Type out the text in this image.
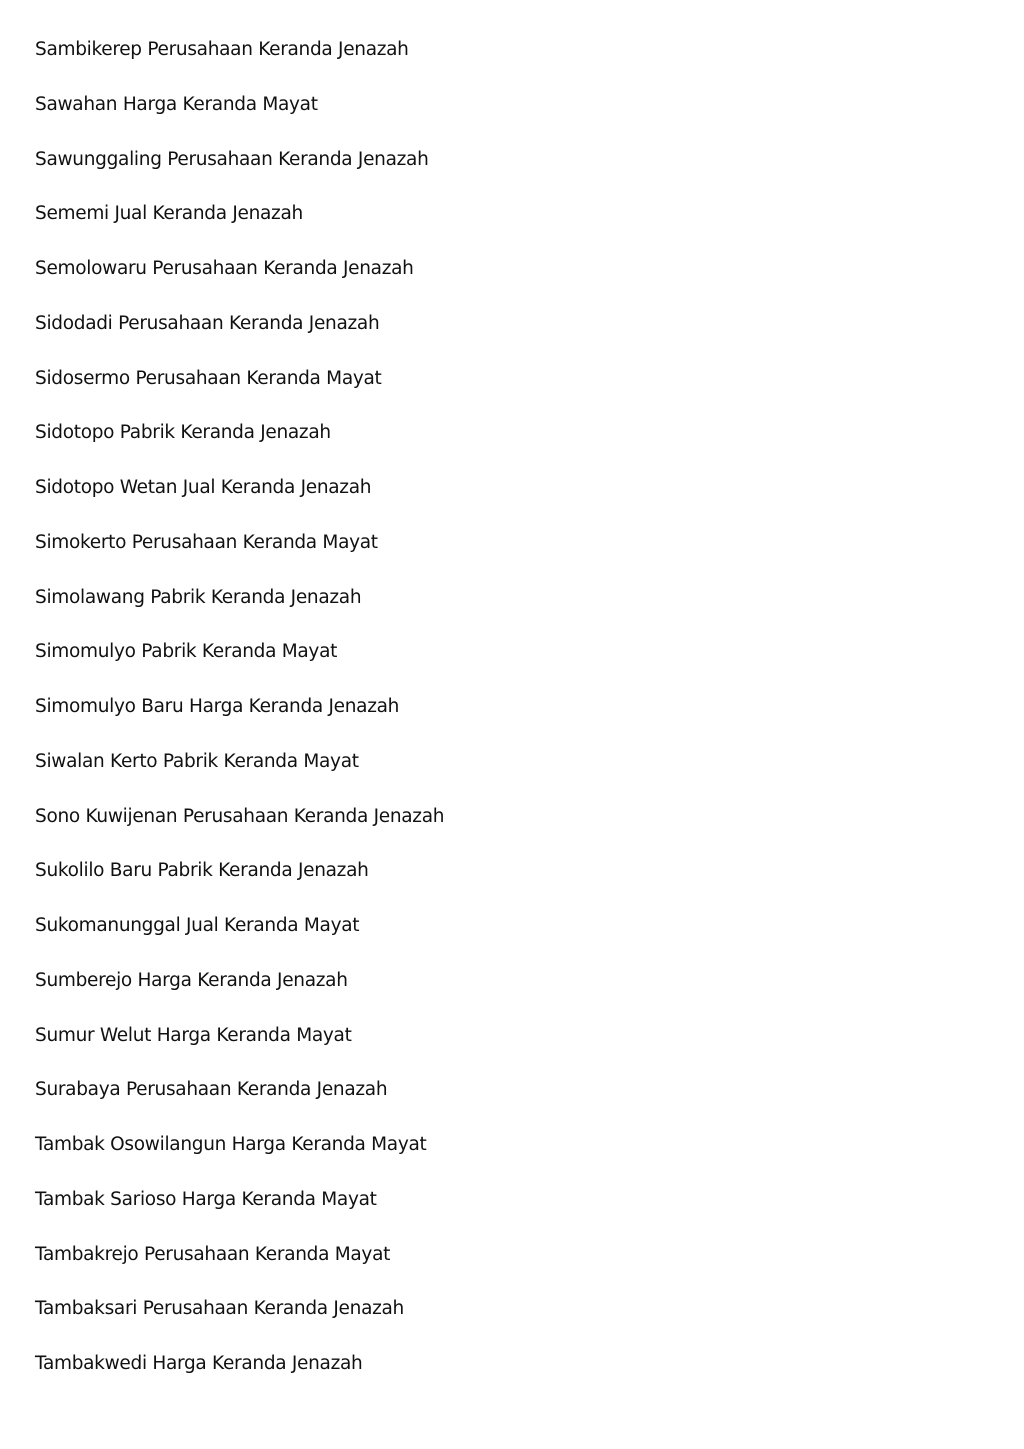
Sambikerep Perusahaan Keranda Jenazah
Sawahan Harga Keranda Mayat
Sawunggaling Perusahaan Keranda Jenazah
Sememi Jual Keranda Jenazah
Semolowaru Perusahaan Keranda Jenazah
Sidodadi Perusahaan Keranda Jenazah
Sidosermo Perusahaan Keranda Mayat
Sidotopo Pabrik Keranda Jenazah
Sidotopo Wetan Jual Keranda Jenazah
Simokerto Perusahaan Keranda Mayat
Simolawang Pabrik Keranda Jenazah
Simomulyo Pabrik Keranda Mayat
Simomulyo Baru Harga Keranda Jenazah
Siwalan Kerto Pabrik Keranda Mayat
Sono Kuwijenan Perusahaan Keranda Jenazah
Sukolilo Baru Pabrik Keranda Jenazah
Sukomanunggal Jual Keranda Mayat
Sumberejo Harga Keranda Jenazah
Sumur Welut Harga Keranda Mayat
Surabaya Perusahaan Keranda Jenazah
Tambak Osowilangun Harga Keranda Mayat
Tambak Sarioso Harga Keranda Mayat
Tambakrejo Perusahaan Keranda Mayat
Tambaksari Perusahaan Keranda Jenazah
Tambakwedi Harga Keranda Jenazah
